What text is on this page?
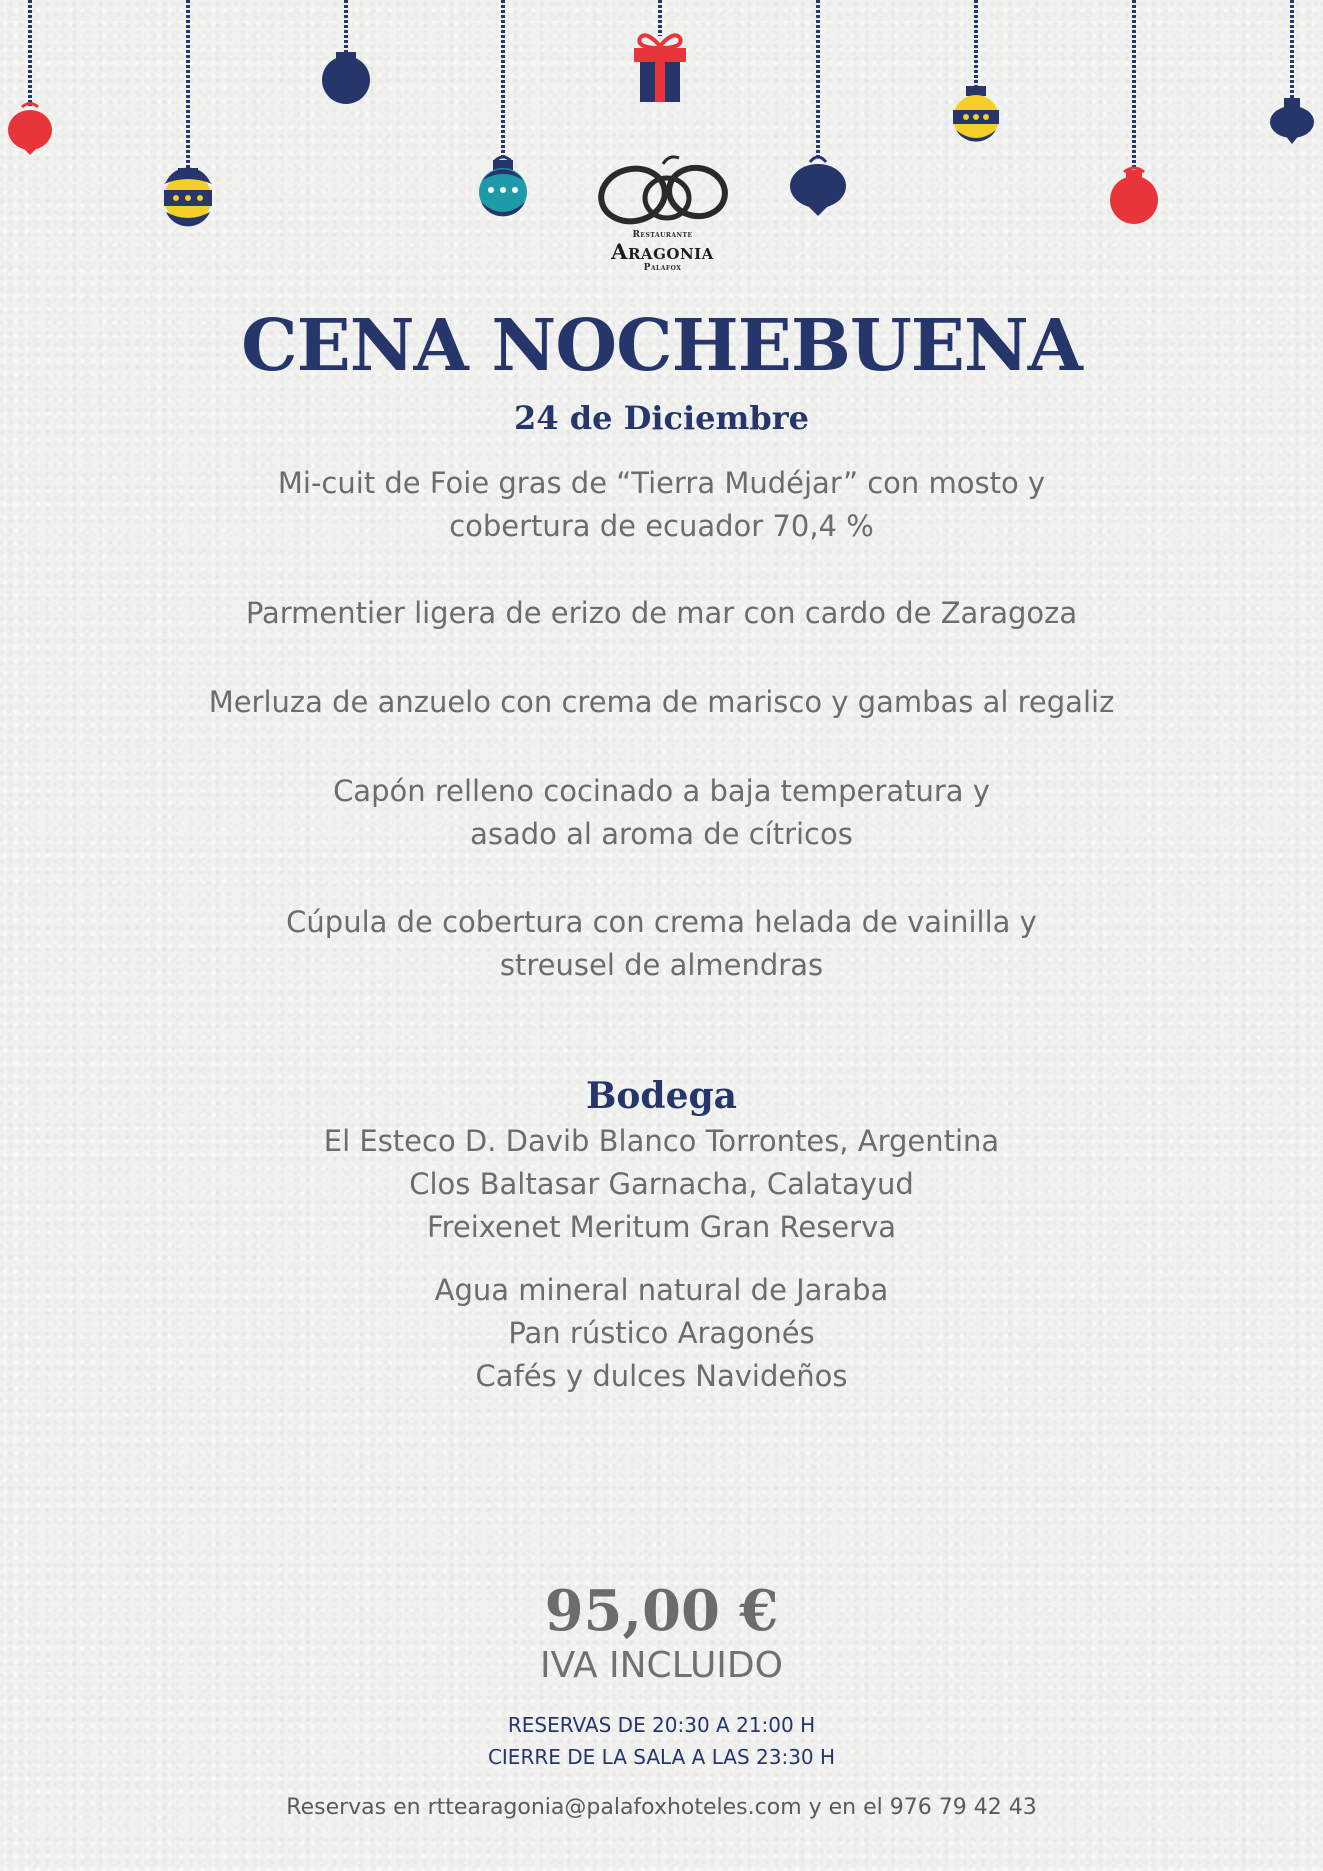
Restaurante
Aragonia
Palafox
CENA NOCHEBUENA
24 de Diciembre
Mi-cuit de Foie gras de “Tierra Mudéjar” con mosto y
cobertura de ecuador 70,4 %
Parmentier ligera de erizo de mar con cardo de Zaragoza
Merluza de anzuelo con crema de marisco y gambas al regaliz
Capón relleno cocinado a baja temperatura y
asado al aroma de cítricos
Cúpula de cobertura con crema helada de vainilla y
streusel de almendras
Bodega
El Esteco D. Davib Blanco Torrontes, Argentina
Clos Baltasar Garnacha, Calatayud
Freixenet Meritum Gran Reserva
Agua mineral natural de Jaraba
Pan rústico Aragonés
Cafés y dulces Navideños
95,00 €
IVA INCLUIDO
RESERVAS DE 20:30 A 21:00 H
CIERRE DE LA SALA A LAS 23:30 H
Reservas en rttearagonia@palafoxhoteles.com y en el 976 79 42 43
